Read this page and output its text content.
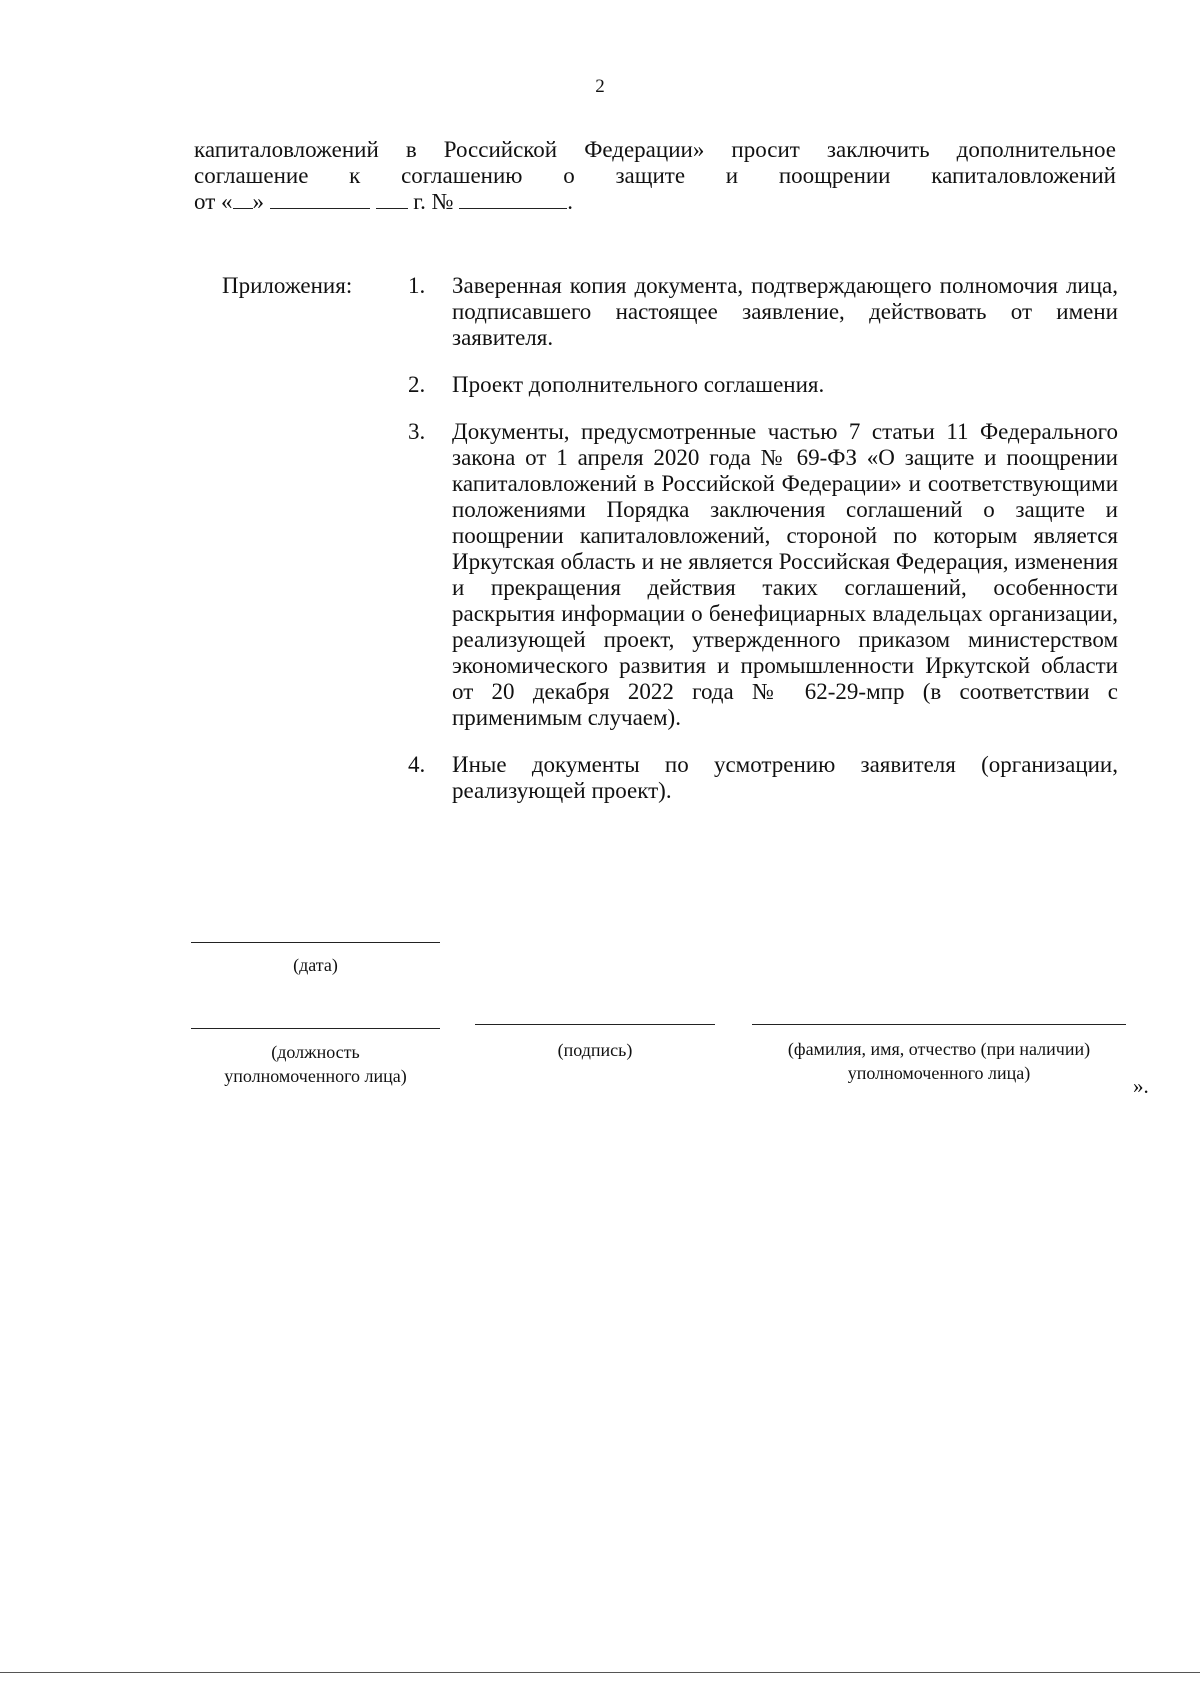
2
капиталовложений в Российской Федерации» просит заключить дополнительное
соглашение к соглашению о защите и поощрении капиталовложений
от « »	г. №	.
Приложения: 1. Заверенная копия документа, подтверждающего полномочия лица, подписавшего настоящее заявление, действовать от имени заявителя.
2. Проект дополнительного соглашения.
3. Документы, предусмотренные частью 7 статьи 11 Федерального закона от 1 апреля 2020 года № 69-ФЗ «О защите и поощрении капиталовложений в Российской Федерации» и соответствующими положениями Порядка заключения соглашений о защите и поощрении капиталовложений, стороной по которым является Иркутская область и не является Российская Федерация, изменения и прекращения действия таких соглашений, особенности раскрытия информации о бенефициарных владельцах организации, реализующей проект, утвержденного приказом министерством экономического развития и промышленности Иркутской области от 20 декабря 2022 года № 62-29-мпр (в соответствии с применимым случаем).
4. Иные документы по усмотрению заявителя (организации, реализующей проект).
(дата)
(должность
уполномоченного лица)
(подпись)	(фамилия, имя, отчество (при наличии)
уполномоченного лица)
».
